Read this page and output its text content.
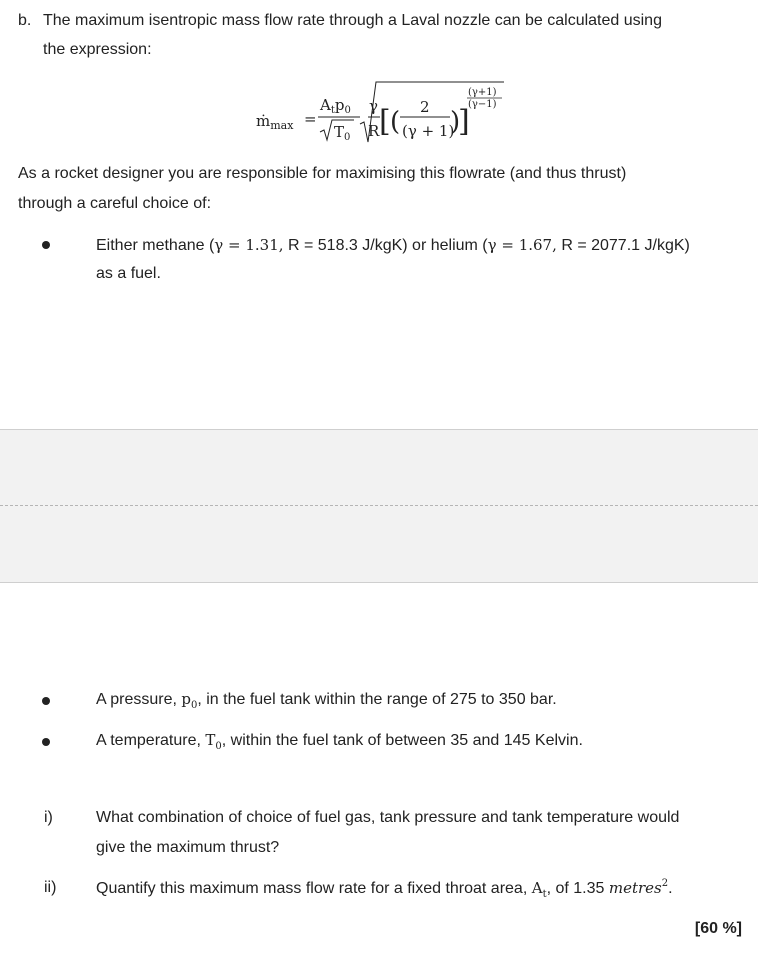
b. The maximum isentropic mass flow rate through a Laval nozzle can be calculated using
the expression:
ṁ$_{max}$ =
$A_tp_0$
$T_0$
γ
R [ ( 2
(γ + 1)
)
]
(γ+1)
(γ−1)
As a rocket designer you are responsible for maximising this flowrate (and thus thrust)
through a careful choice of:
Either methane (γ = 1.31, R = 518.3 J/kgK) or helium (γ = 1.67, R = 2077.1 J/kgK)
as a fuel.
A pressure, $p_0$, in the fuel tank within the range of 275 to 350 bar.
A temperature, $T_0$, within the fuel tank of between 35 and 145 Kelvin.
i)	What combination of choice of fuel gas, tank pressure and tank temperature would
give the maximum thrust?
ii) Quantify this maximum mass flow rate for a fixed throat area, $A_t$, of 1.35 metres$^2$.
[60 %]
